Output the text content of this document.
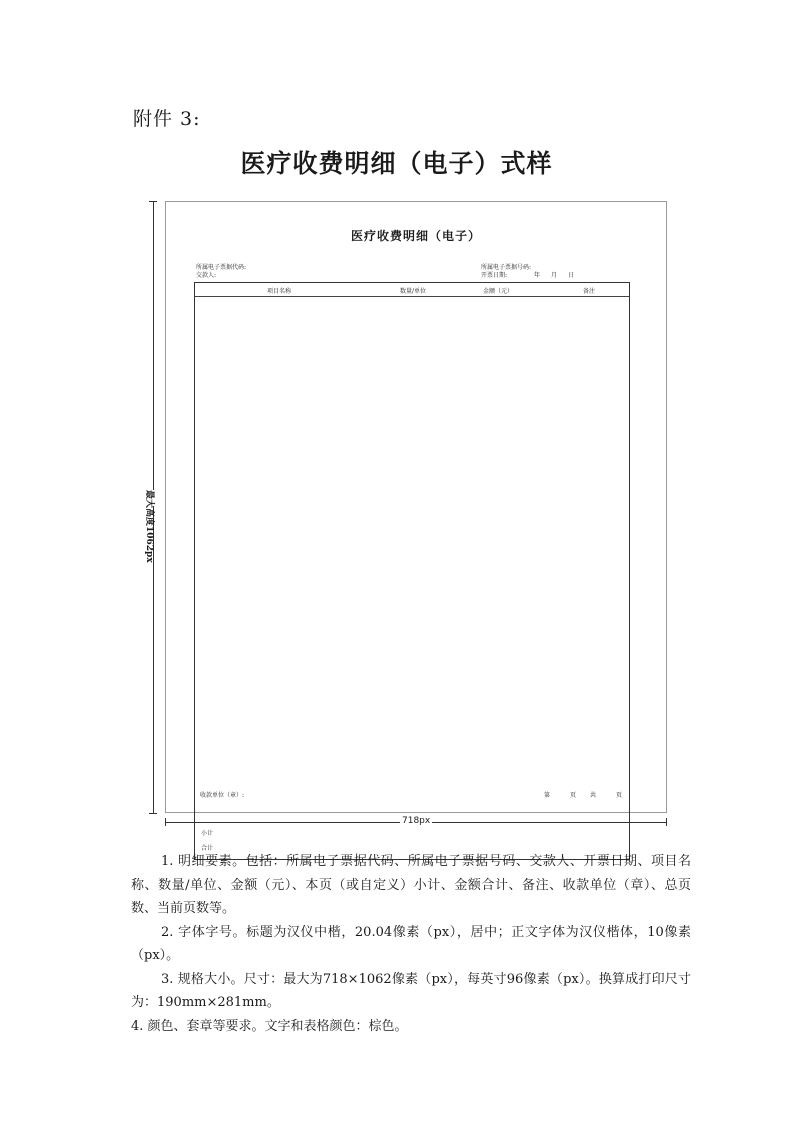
附件 3:
医疗收费明细（电子）式样
医疗收费明细（电子）
所属电子票据代码:
交款人:
所属电子票据号码:
开票日期:	年 月 日
项目名称	数量/单位	金额（元）	备注
小计
合计
收款单位（章）:	第	页 共	页
最大高度1062px
718px

1. 明细要素。包括：所属电子票据代码、所属电子票据号码、交款人、开票日期、项目名称、数量/单位、金额（元）、本页（或自定义）小计、金额合计、备注、收款单位（章）、总页数、当前页数等。

2. 字体字号。标题为汉仪中楷，20.04像素（px），居中；正文字体为汉仪楷体，10像素（px）。

3. 规格大小。尺寸：最大为718×1062像素（px），每英寸96像素（px）。换算成打印尺寸为：190mm×281mm。

4. 颜色、套章等要求。文字和表格颜色：棕色。
